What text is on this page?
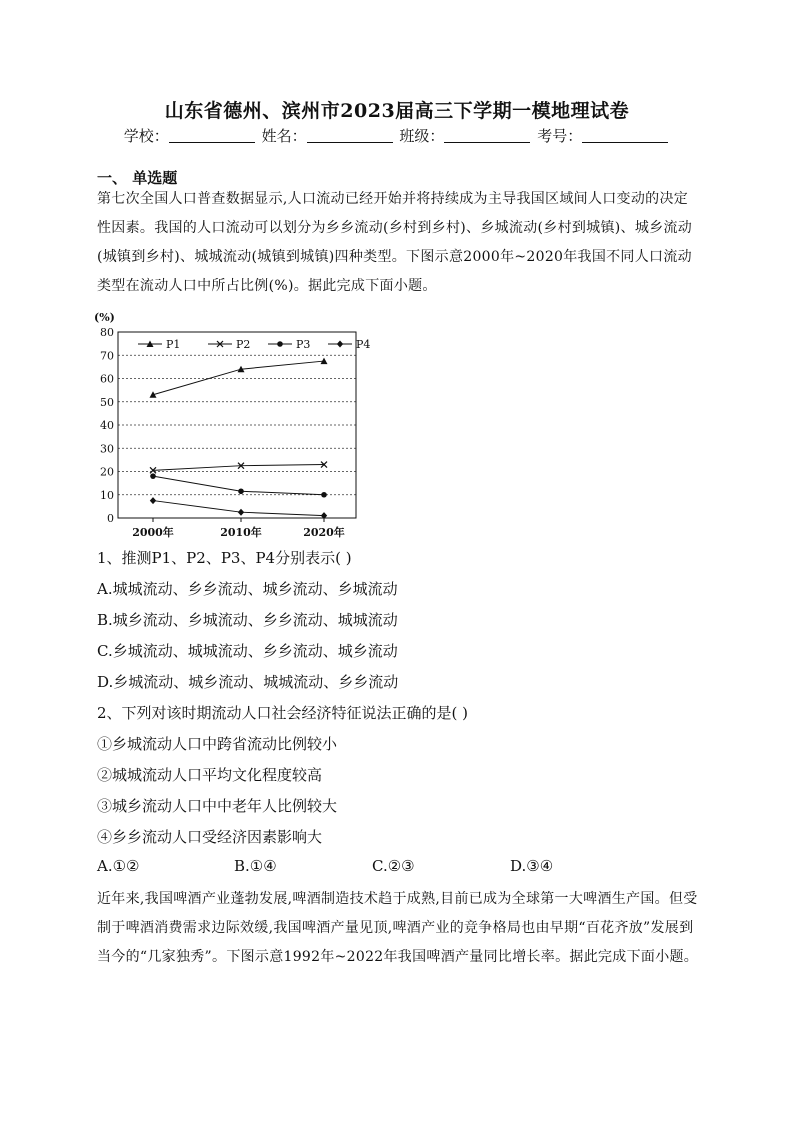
山东省德州、滨州市2023届高三下学期一模地理试卷
学校：	姓名：	班级：	考号：
一、 单选题

第七次全国人口普查数据显示,人口流动已经开始并将持续成为主导我国区域间人口变动的决定性因素。我国的人口流动可以划分为乡乡流动(乡村到乡村)、乡城流动(乡村到城镇)、城乡流动(城镇到乡村)、城城流动(城镇到城镇)四种类型。下图示意2000年~2020年我国不同人口流动类型在流动人口中所占比例(%)。据此完成下面小题。

0
10
20
30
40
50
60
70
80
(%)
2000年	2010年	2020年
P1	P2	P3	P4
1、推测P1、P2、P3、P4分别表示( )
A.城城流动、乡乡流动、城乡流动、乡城流动
B.城乡流动、乡城流动、乡乡流动、城城流动
C.乡城流动、城城流动、乡乡流动、城乡流动
D.乡城流动、城乡流动、城城流动、乡乡流动
2、下列对该时期流动人口社会经济特征说法正确的是( )
①乡城流动人口中跨省流动比例较小
②城城流动人口平均文化程度较高
③城乡流动人口中中老年人比例较大
④乡乡流动人口受经济因素影响大
A.①②	B.①④	C.②③	D.③④

近年来,我国啤酒产业蓬勃发展,啤酒制造技术趋于成熟,目前已成为全球第一大啤酒生产国。但受制于啤酒消费需求边际效缓,我国啤酒产量见顶,啤酒产业的竞争格局也由早期“百花齐放”发展到当今的“几家独秀”。下图示意1992年~2022年我国啤酒产量同比增长率。据此完成下面小题。
